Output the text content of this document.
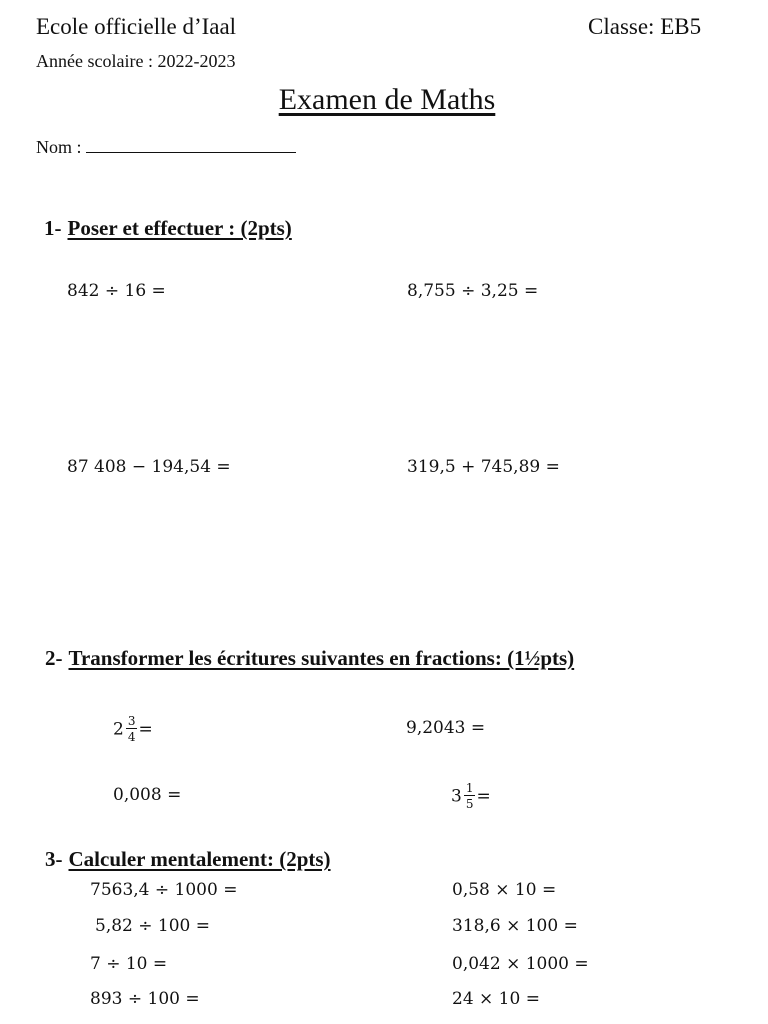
Ecole officielle d’Iaal	Classe: EB5
Année scolaire : 2022-2023
Examen de Maths
Nom :
1- Poser et effectuer : (2pts)
842 ÷ 16 =	8,755 ÷ 3,25 =
87 408 − 194,54 =	319,5 + 745,89 =
2- Transformer les écritures suivantes en fractions: (1½pts)
$2 \frac{3}{4}$ =	9,2043 =
0,008 =	$3 \frac{1}{5}$ =
3- Calculer mentalement: (2pts)
7563,4 ÷ 1000 =	0,58 × 10 =
5,82 ÷ 100 =	318,6 × 100 =
7 ÷ 10 =	0,042 × 1000 =
893 ÷ 100 =	24 × 10 =
